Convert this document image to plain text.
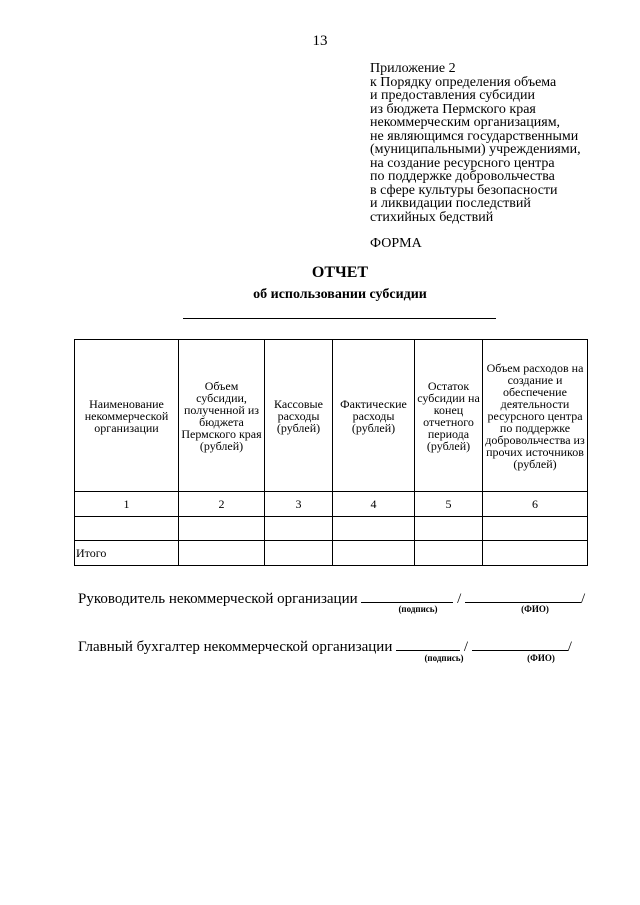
13
Приложение 2
к Порядку определения объема
и предоставления субсидии
из бюджета Пермского края
некоммерческим организациям,
не являющимся государственными
(муниципальными) учреждениями,
на создание ресурсного центра
по поддержке добровольчества
в сфере культуры безопасности
и ликвидации последствий
стихийных бедствий
ФОРМА
ОТЧЕТ
об использовании субсидии
Наименование некоммерческой организации	Объем субсидии, полученной из бюджета Пермского края (рублей)	Кассовые расходы (рублей)	Фактические расходы (рублей)	Остаток субсидии на конец отчетного периода (рублей)	Объем расходов на создание и обеспечение деятельности ресурсного центра по поддержке добровольчества из прочих источников (рублей)
1	2	3	4	5	6

Итого					
Руководитель некоммерческой организации	/	/
(подпись)	(ФИО)
Главный бухгалтер некоммерческой организации	/	/
(подпись)	(ФИО)
